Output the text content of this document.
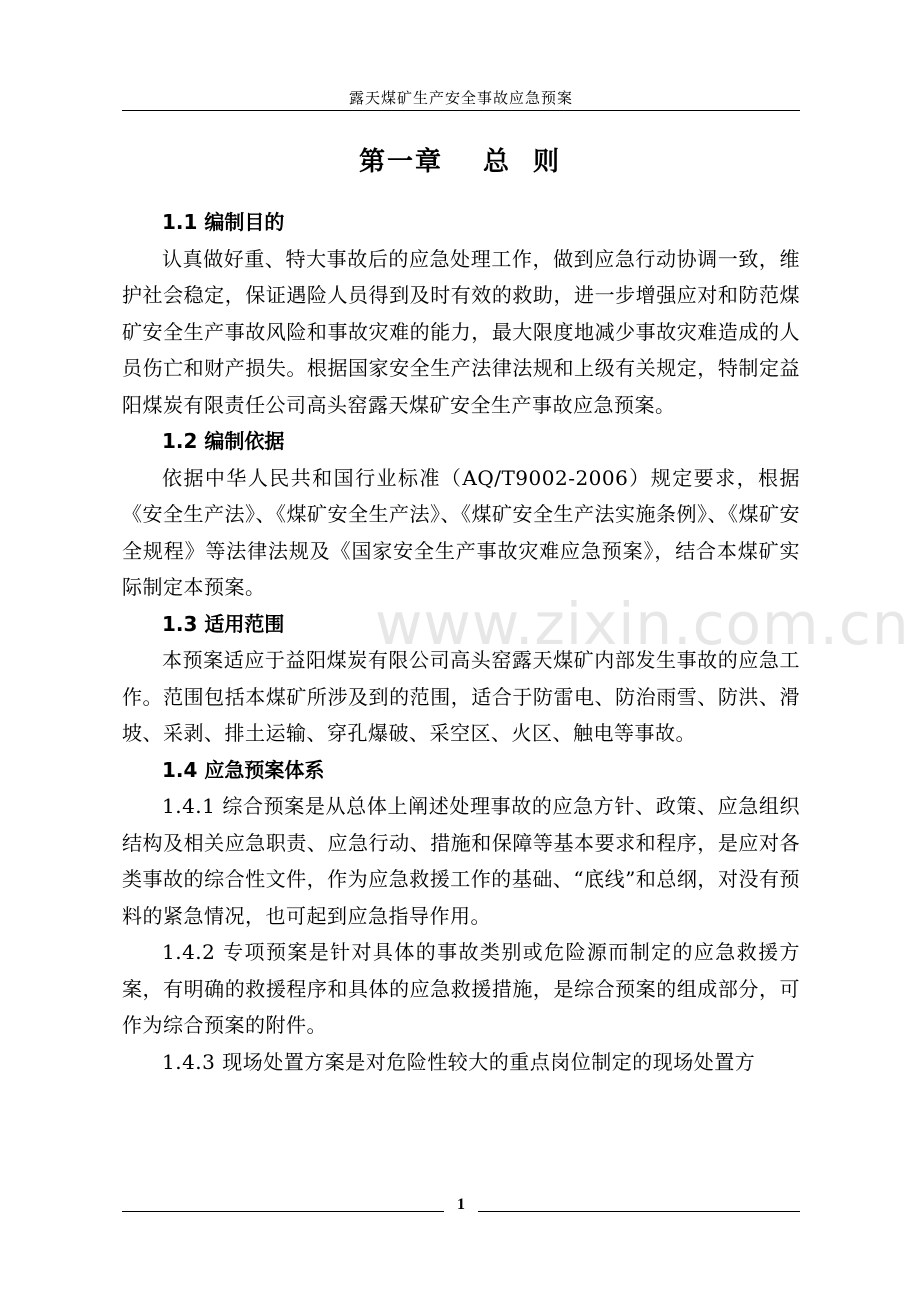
露天煤矿生产安全事故应急预案
第一章 总  则
1.1 编制目的

认真做好重、特大事故后的应急处理工作，做到应急行动协调一致，维护社会稳定，保证遇险人员得到及时有效的救助，进一步增强应对和防范煤矿安全生产事故风险和事故灾难的能力，最大限度地减少事故灾难造成的人员伤亡和财产损失。根据国家安全生产法律法规和上级有关规定，特制定益阳煤炭有限责任公司高头窑露天煤矿安全生产事故应急预案。

1.2 编制依据

依据中华人民共和国行业标准（AQ/T9002-2006）规定要求，根据《安全生产法》、《煤矿安全生产法》、《煤矿安全生产法实施条例》、《煤矿安全规程》等法律法规及《国家安全生产事故灾难应急预案》，结合本煤矿实际制定本预案。

1.3 适用范围

本预案适应于益阳煤炭有限公司高头窑露天煤矿内部发生事故的应急工作。范围包括本煤矿所涉及到的范围，适合于防雷电、防治雨雪、防洪、滑坡、采剥、排土运输、穿孔爆破、采空区、火区、触电等事故。

1.4 应急预案体系

1.4.1 综合预案是从总体上阐述处理事故的应急方针、政策、应急组织结构及相关应急职责、应急行动、措施和保障等基本要求和程序，是应对各类事故的综合性文件，作为应急救援工作的基础、“底线”和总纲，对没有预料的紧急情况，也可起到应急指导作用。

1.4.2 专项预案是针对具体的事故类别或危险源而制定的应急救援方案，有明确的救援程序和具体的应急救援措施，是综合预案的组成部分，可作为综合预案的附件。

1.4.3 现场处置方案是对危险性较大的重点岗位制定的现场处置方

www.zixin.com.cn
1
